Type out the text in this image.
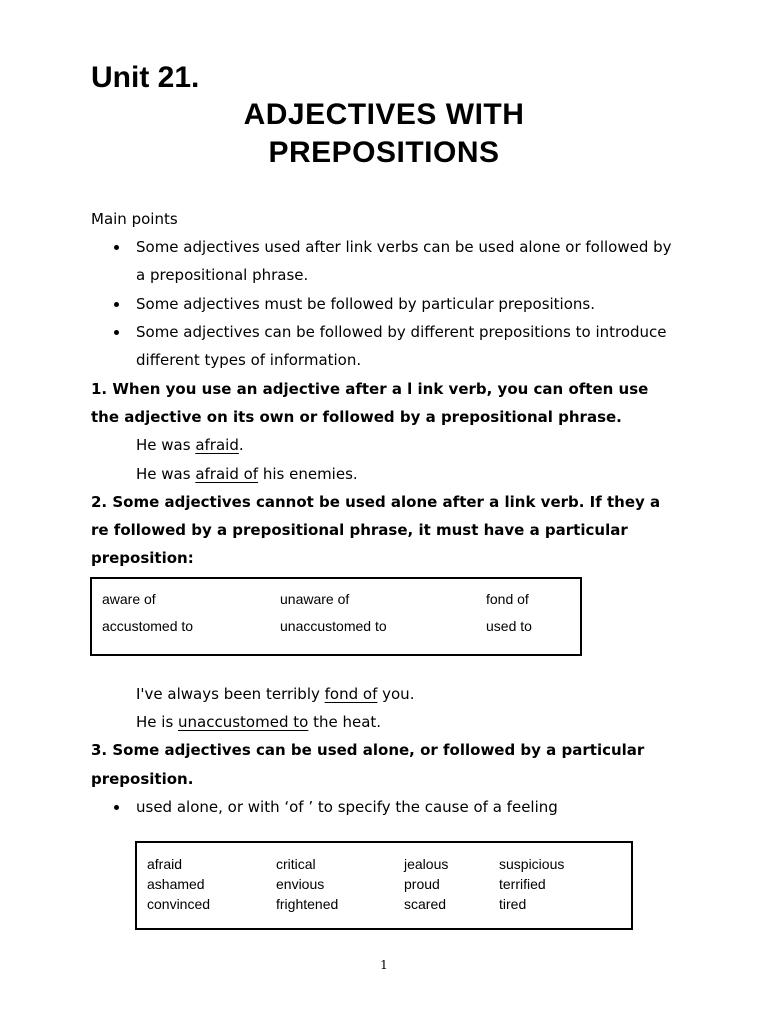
Unit 21.
ADJECTIVES WITH
PREPOSITIONS
Main points
Some adjectives used after link verbs can be used alone or followed by
a prepositional phrase.
Some adjectives must be followed by particular prepositions.
Some adjectives can be followed by different prepositions to introduce
different types of information.
1. When you use an adjective after a l ink verb, you can often use
the adjective on its own or followed by a prepositional phrase.
He was afraid.
He was afraid of his enemies.
2. Some adjectives cannot be used alone after a link verb. If they a
re followed by a prepositional phrase, it must have a particular
preposition:
aware of	unaware of	fond of
accustomed to	unaccustomed to	used to
I've always been terribly fond of you.
He is unaccustomed to the heat.
3. Some adjectives can be used alone, or followed by a particular
preposition.
used alone, or with ‘of ’ to specify the cause of a feeling
afraid	critical	jealous	suspicious
ashamed	envious	proud	terrified
convinced	frightened	scared	tired
1
